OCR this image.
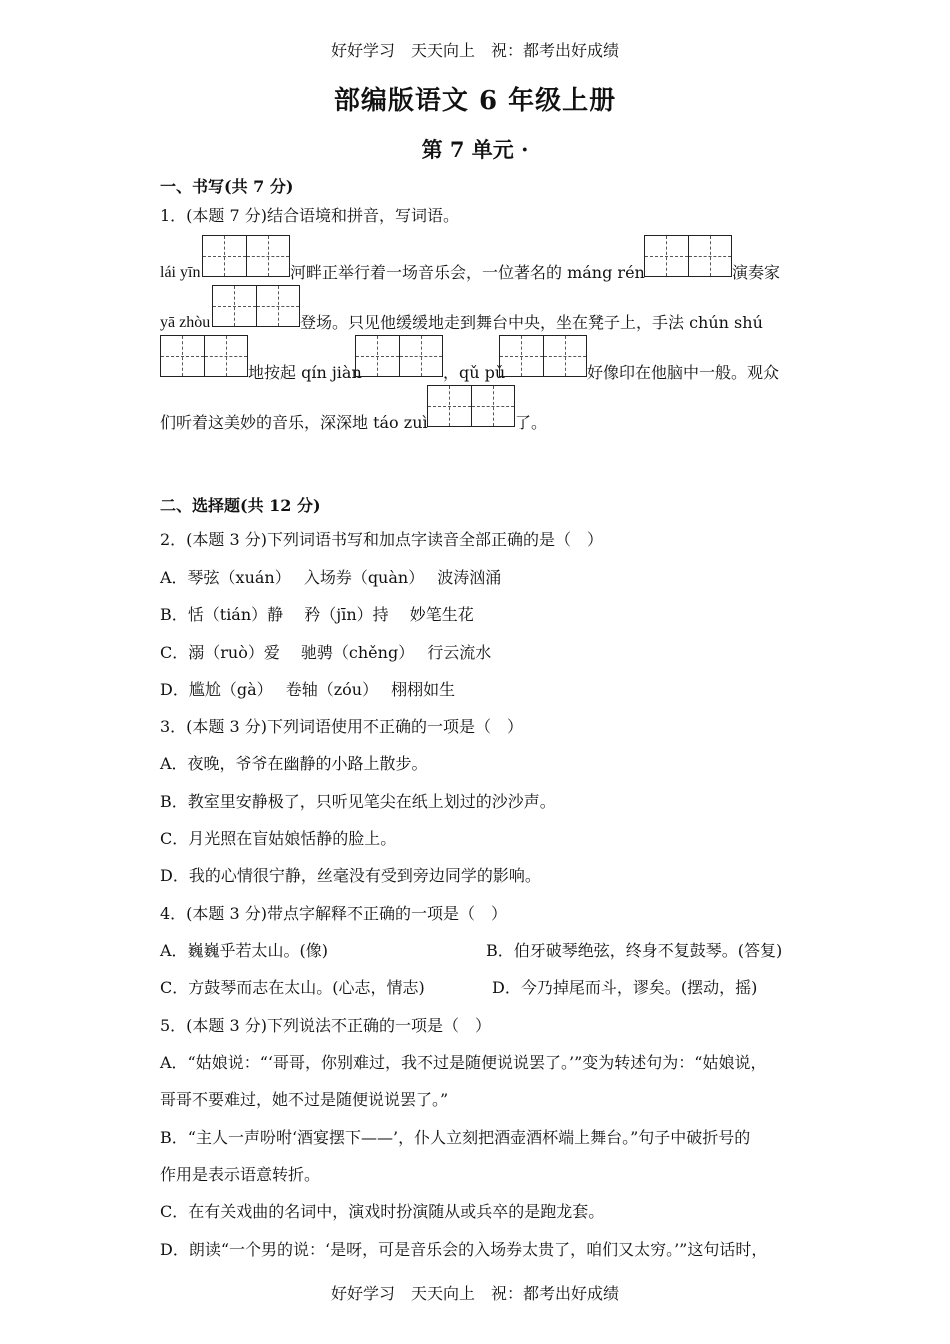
好好学习　天天向上　祝：都考出好成绩
部编版语文 6 年级上册
第 7 单元 ·
一、书写(共 7 分)
1．(本题 7 分)结合语境和拼音，写词语。
lái yīn	河畔正举行着一场音乐会，一位著名的 máng rén	演奏家
yā zhòu	登场。只见他缓缓地走到舞台中央，坐在凳子上，手法 chún shú
地按起 qín jiàn	，qǔ pǔ	好像印在他脑中一般。观众
们听着这美妙的音乐，深深地 táo zuì	了。
二、选择题(共 12 分)
2．(本题 3 分)下列词语书写和加点字读音全部正确的是（　）
A．琴弦（xuán）　 入场券（quàn）　 波涛汹涌
B．恬（tián）静　 矜（jīn）持　 妙笔生花
C．溺（ruò）爱　 驰骋（chěng）　 行云流水
D．尴尬（gà）　 卷轴（zóu）　 栩栩如生
3．(本题 3 分)下列词语使用不正确的一项是（　）
A．夜晚，爷爷在幽静的小路上散步。
B．教室里安静极了，只听见笔尖在纸上划过的沙沙声。
C．月光照在盲姑娘恬静的脸上。
D．我的心情很宁静，丝毫没有受到旁边同学的影响。
4．(本题 3 分)带点字解释不正确的一项是（　）
A．巍巍乎若太山。(像)	B．伯牙破琴绝弦，终身不复鼓琴。(答复)
C．方鼓琴而志在太山。(心志，情志)	D．今乃掉尾而斗，谬矣。(摆动，摇)
5．(本题 3 分)下列说法不正确的一项是（　）
A．“姑娘说：“‘哥哥，你别难过，我不过是随便说说罢了。’”变为转述句为：“姑娘说，
哥哥不要难过，她不过是随便说说罢了。”
B．“主人一声吩咐‘酒宴摆下——’，仆人立刻把酒壶酒杯端上舞台。”句子中破折号的
作用是表示语意转折。
C．在有关戏曲的名词中，演戏时扮演随从或兵卒的是跑龙套。
D．朗读“一个男的说：‘是呀，可是音乐会的入场券太贵了，咱们又太穷。’”这句话时，
好好学习　天天向上　祝：都考出好成绩
